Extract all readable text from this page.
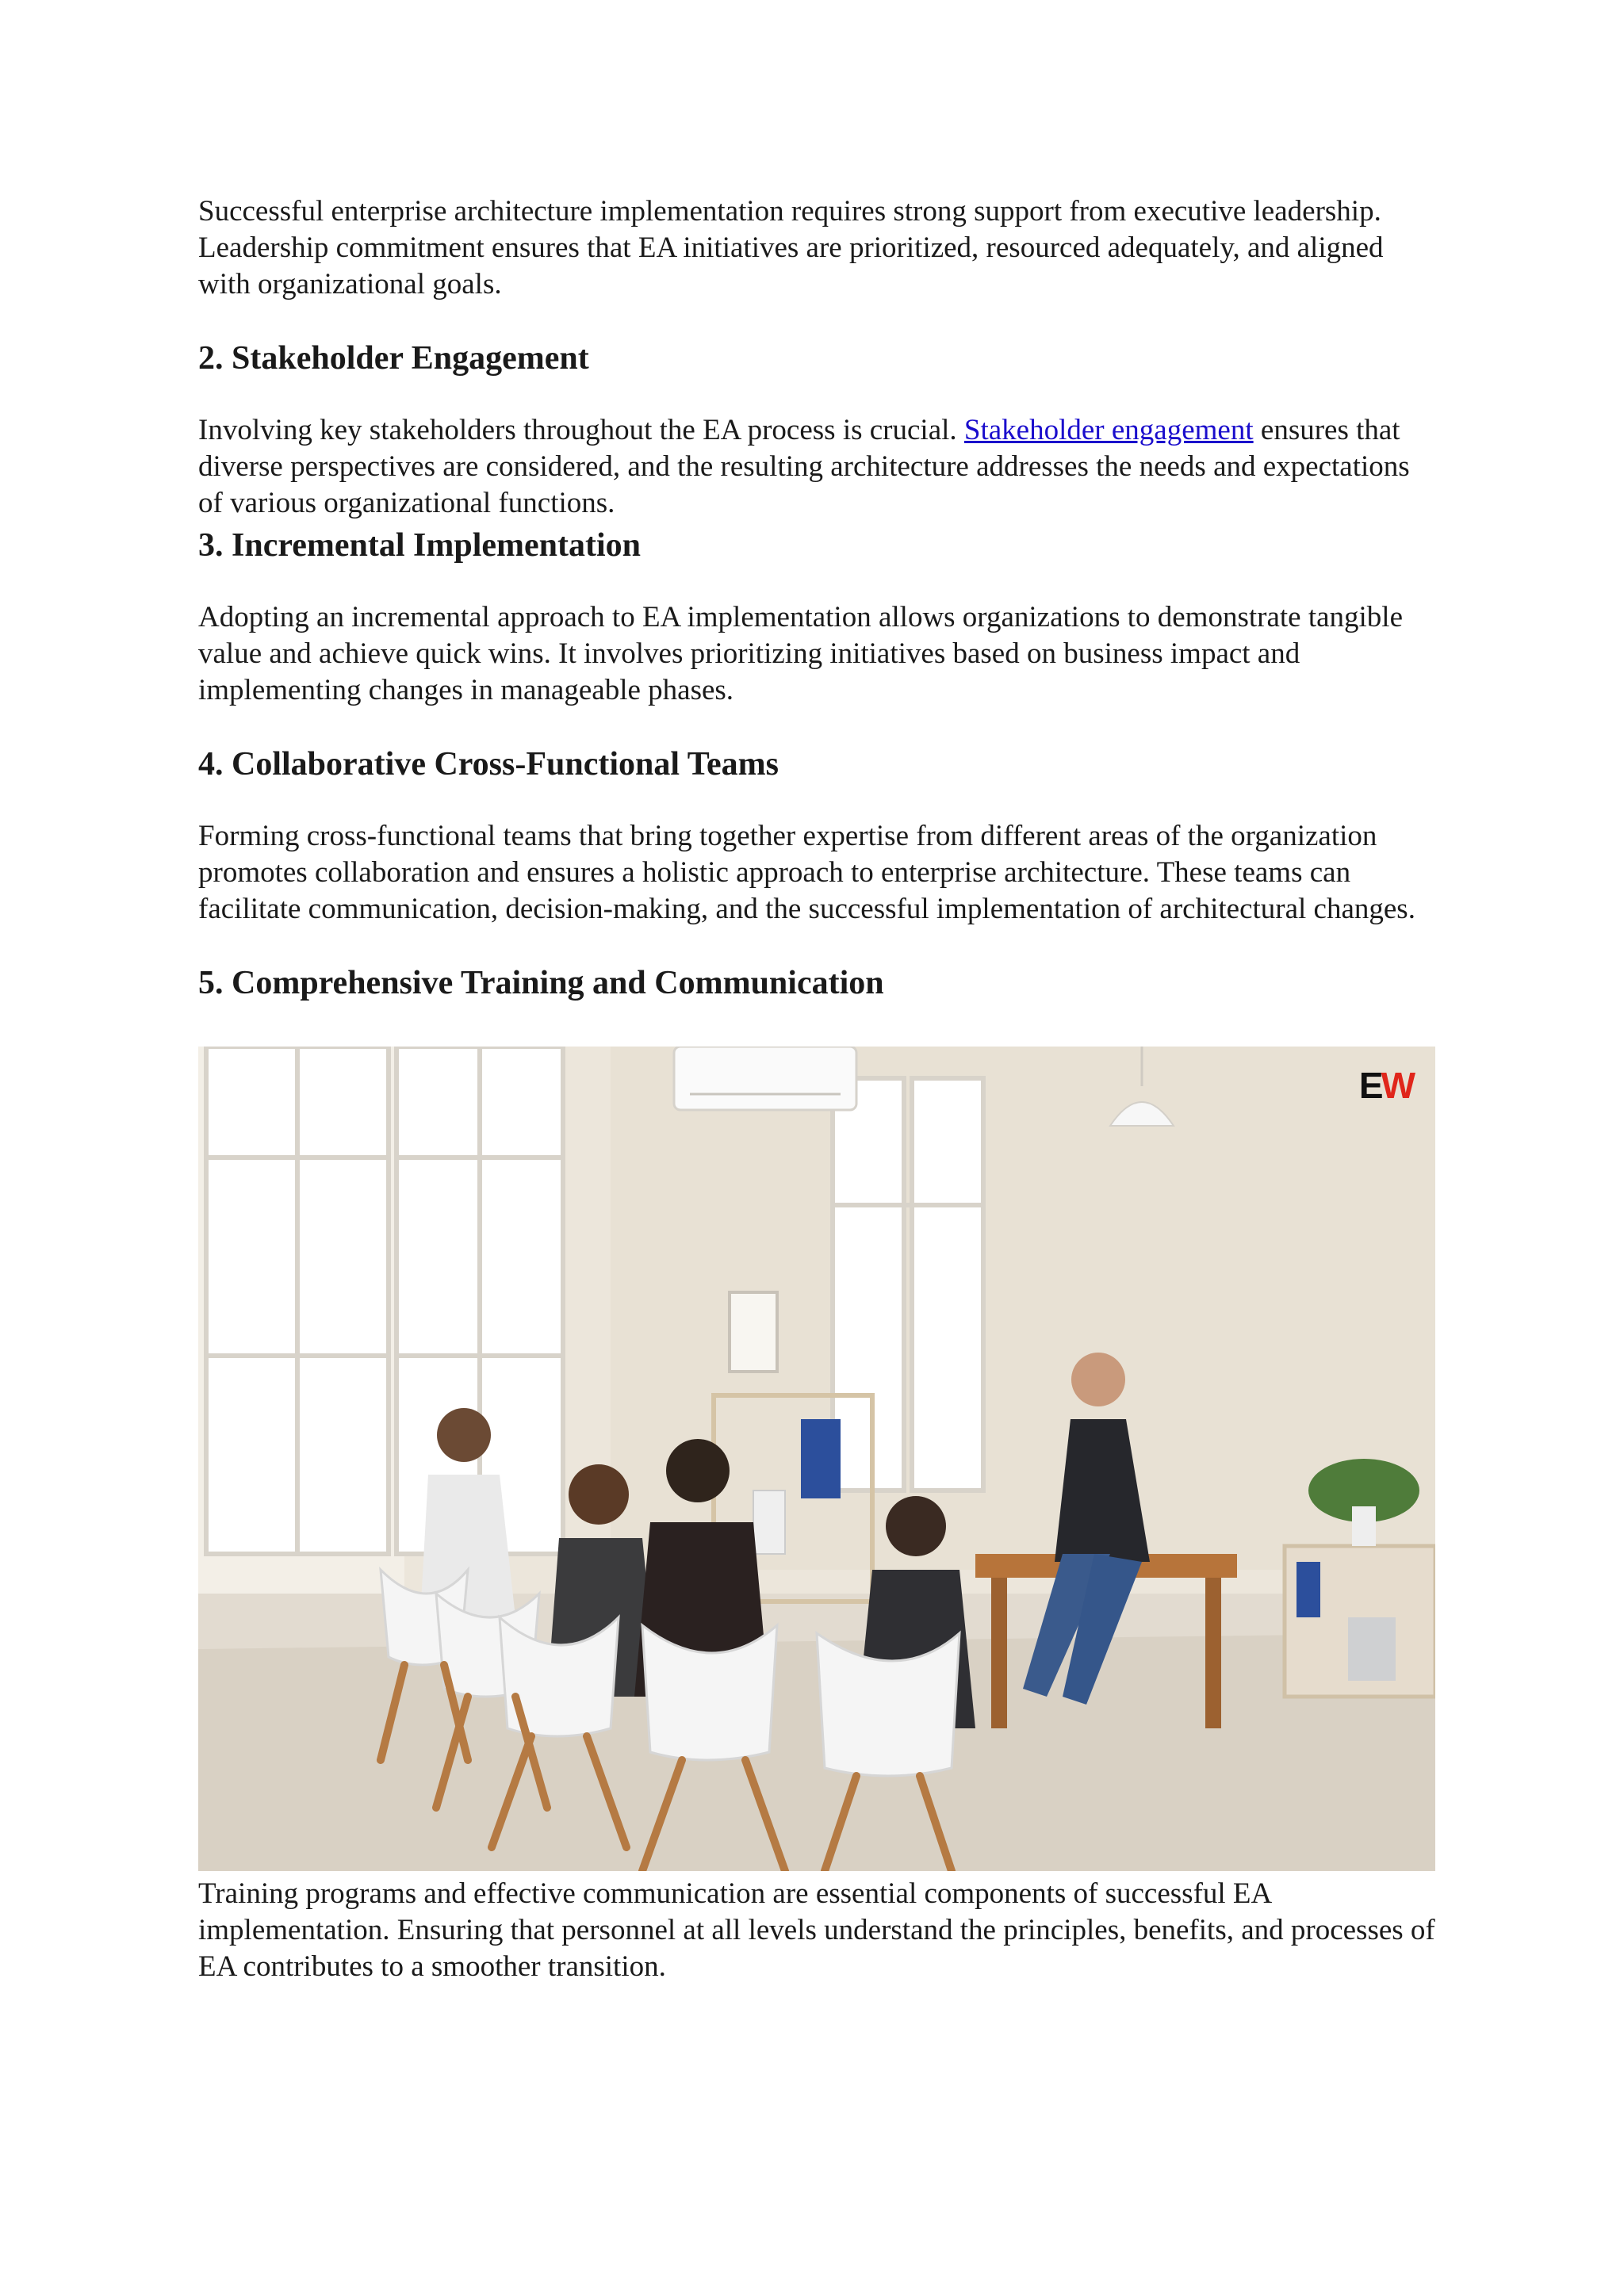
Successful enterprise architecture implementation requires strong support from executive leadership. Leadership commitment ensures that EA initiatives are prioritized, resourced adequately, and aligned with organizational goals.

2. Stakeholder Engagement

Involving key stakeholders throughout the EA process is crucial. Stakeholder engagement ensures that diverse perspectives are considered, and the resulting architecture addresses the needs and expectations of various organizational functions.

3. Incremental Implementation

Adopting an incremental approach to EA implementation allows organizations to demonstrate tangible value and achieve quick wins. It involves prioritizing initiatives based on business impact and implementing changes in manageable phases.

4. Collaborative Cross-Functional Teams

Forming cross-functional teams that bring together expertise from different areas of the organization promotes collaboration and ensures a holistic approach to enterprise architecture. These teams can facilitate communication, decision-making, and the successful implementation of architectural changes.

5. Comprehensive Training and Communication
EW

Training programs and effective communication are essential components of successful EA implementation. Ensuring that personnel at all levels understand the principles, benefits, and processes of EA contributes to a smoother transition.
